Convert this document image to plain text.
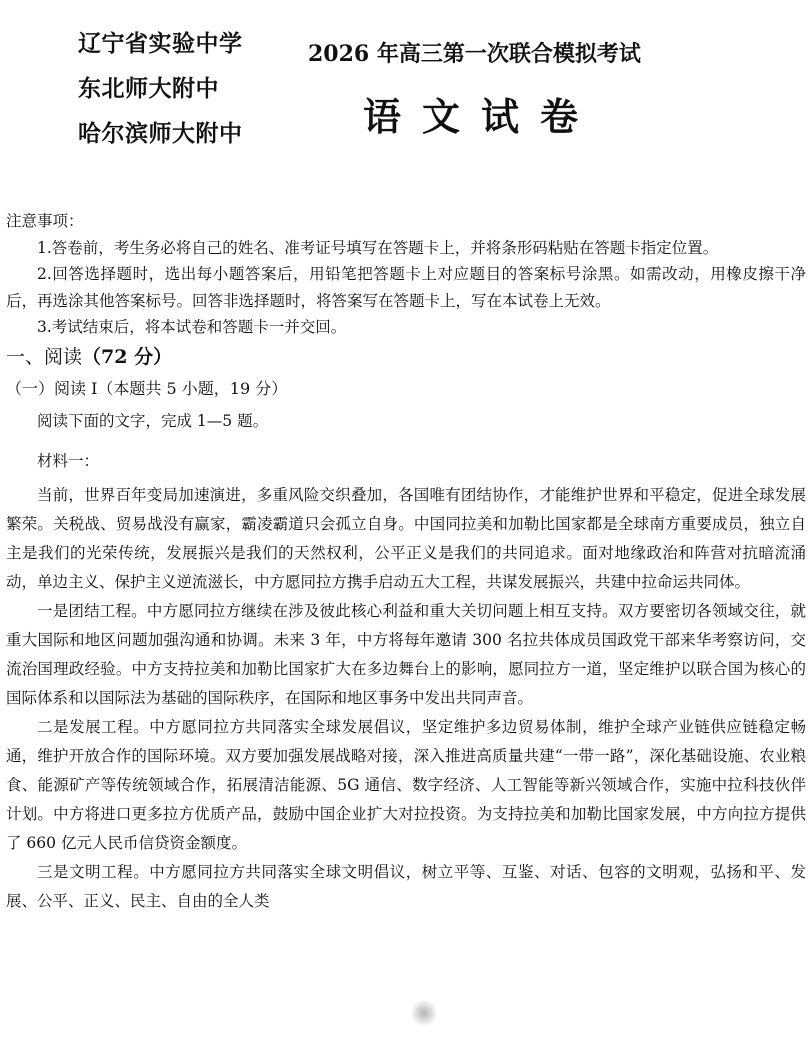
辽宁省实验中学
东北师大附中
哈尔滨师大附中
2026 年高三第一次联合模拟考试
语文试卷

注意事项：

1.答卷前，考生务必将自己的姓名、准考证号填写在答题卡上，并将条形码粘贴在答题卡指定位置。

2.回答选择题时，选出每小题答案后，用铅笔把答题卡上对应题目的答案标号涂黑。如需改动，用橡皮擦干净后，再选涂其他答案标号。回答非选择题时，将答案写在答题卡上，写在本试卷上无效。

3.考试结束后，将本试卷和答题卡一并交回。

一、阅读（72 分）

（一）阅读 I（本题共 5 小题，19 分）

阅读下面的文字，完成 1—5 题。

材料一：

当前，世界百年变局加速演进，多重风险交织叠加，各国唯有团结协作，才能维护世界和平稳定，促进全球发展繁荣。关税战、贸易战没有赢家，霸凌霸道只会孤立自身。中国同拉美和加勒比国家都是全球南方重要成员，独立自主是我们的光荣传统，发展振兴是我们的天然权利，公平正义是我们的共同追求。面对地缘政治和阵营对抗暗流涌动，单边主义、保护主义逆流滋长，中方愿同拉方携手启动五大工程，共谋发展振兴，共建中拉命运共同体。

一是团结工程。中方愿同拉方继续在涉及彼此核心利益和重大关切问题上相互支持。双方要密切各领域交往，就重大国际和地区问题加强沟通和协调。未来 3 年，中方将每年邀请 300 名拉共体成员国政党干部来华考察访问，交流治国理政经验。中方支持拉美和加勒比国家扩大在多边舞台上的影响，愿同拉方一道，坚定维护以联合国为核心的国际体系和以国际法为基础的国际秩序，在国际和地区事务中发出共同声音。

二是发展工程。中方愿同拉方共同落实全球发展倡议，坚定维护多边贸易体制，维护全球产业链供应链稳定畅通，维护开放合作的国际环境。双方要加强发展战略对接，深入推进高质量共建“一带一路”，深化基础设施、农业粮食、能源矿产等传统领域合作，拓展清洁能源、5G 通信、数字经济、人工智能等新兴领域合作，实施中拉科技伙伴计划。中方将进口更多拉方优质产品，鼓励中国企业扩大对拉投资。为支持拉美和加勒比国家发展，中方向拉方提供了 660 亿元人民币信贷资金额度。

三是文明工程。中方愿同拉方共同落实全球文明倡议，树立平等、互鉴、对话、包容的文明观，弘扬和平、发展、公平、正义、民主、自由的全人类
